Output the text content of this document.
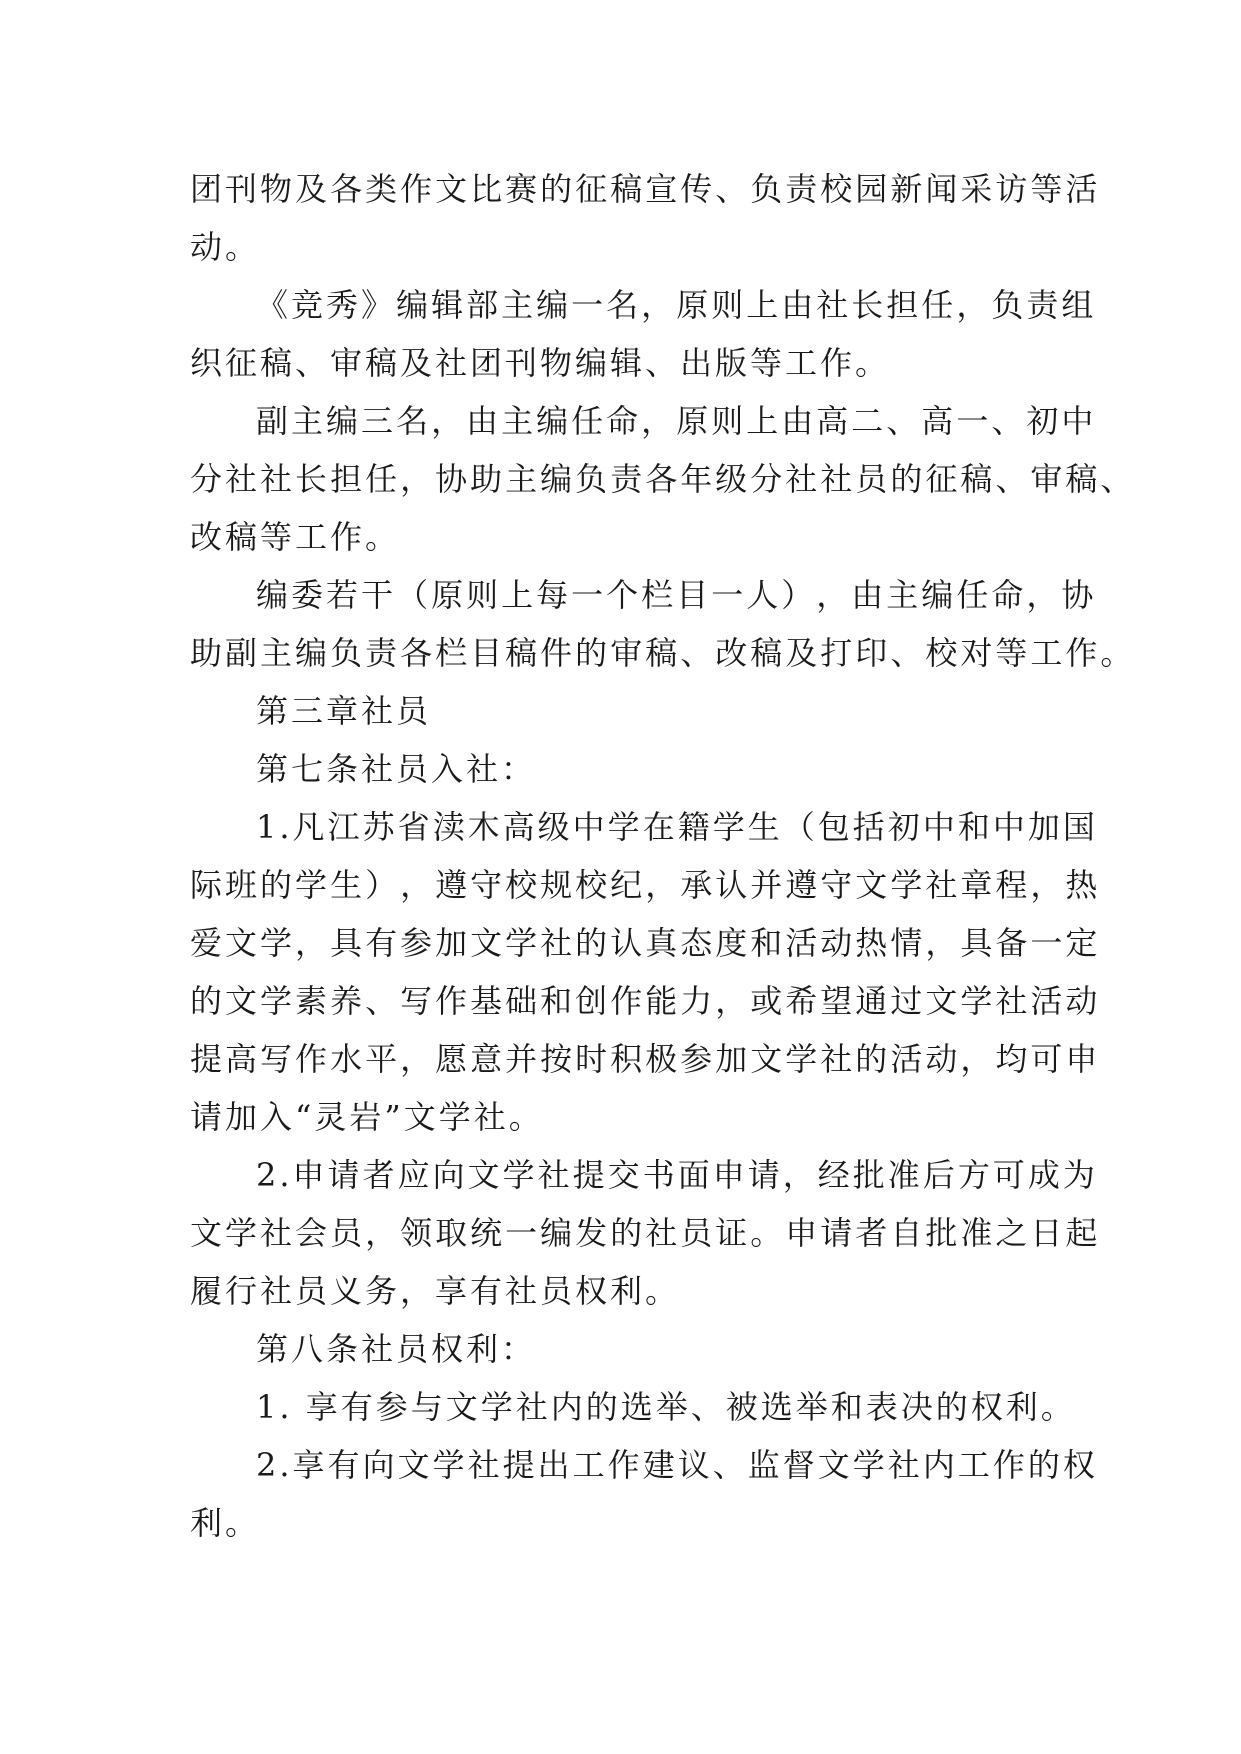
团 刊 物 及 各 类 作 文 比 赛 的 征 稿 宣 传 、 负 责 校 园 新 闻 采 访 等 活
动。
《 竞 秀 》 编 辑 部 主 编 一 名 ， 原 则 上 由 社 长 担 任 ， 负 责 组
织征稿、审稿及社团刊物编辑、出版等工作。
副 主 编 三 名 ， 由 主 编 任 命 ， 原 则 上 由 高 二 、 高 一 、 初 中
分 社 社 长 担 任 ， 协 助 主 编 负 责 各 年 级 分 社 社 员 的 征 稿 、 审 稿 、
改稿等工作。
编 委 若 干 （ 原 则 上 每 一 个 栏 目 一 人 ） ， 由 主 编 任 命 ， 协
助 副 主 编 负 责 各 栏 目 稿 件 的 审 稿 、 改 稿 及 打 印 、 校 对 等 工 作 。
第三章社员
第七条社员入社：
1 . 凡 江 苏 省 渎 木 高 级 中 学 在 籍 学 生 （ 包 括 初 中 和 中 加 国
际 班 的 学 生 ） ， 遵 守 校 规 校 纪 ， 承 认 并 遵 守 文 学 社 章 程 ， 热
爱 文 学 ， 具 有 参 加 文 学 社 的 认 真 态 度 和 活 动 热 情 ， 具 备 一 定
的 文 学 素 养 、 写 作 基 础 和 创 作 能 力 ， 或 希 望 通 过 文 学 社 活 动
提 高 写 作 水 平 ， 愿 意 并 按 时 积 极 参 加 文 学 社 的 活 动 ， 均 可 申
请加入“灵岩”文学社。
2 . 申 请 者 应 向 文 学 社 提 交 书 面 申 请 ， 经 批 准 后 方 可 成 为
文 学 社 会 员 ， 领 取 统 一 编 发 的 社 员 证 。 申 请 者 自 批 准 之 日 起
履行社员义务，享有社员权利。
第八条社员权利：
1. 享有参与文学社内的选举、被选举和表决的权利。
2 . 享 有 向 文 学 社 提 出 工 作 建 议 、 监 督 文 学 社 内 工 作 的 权
利。
